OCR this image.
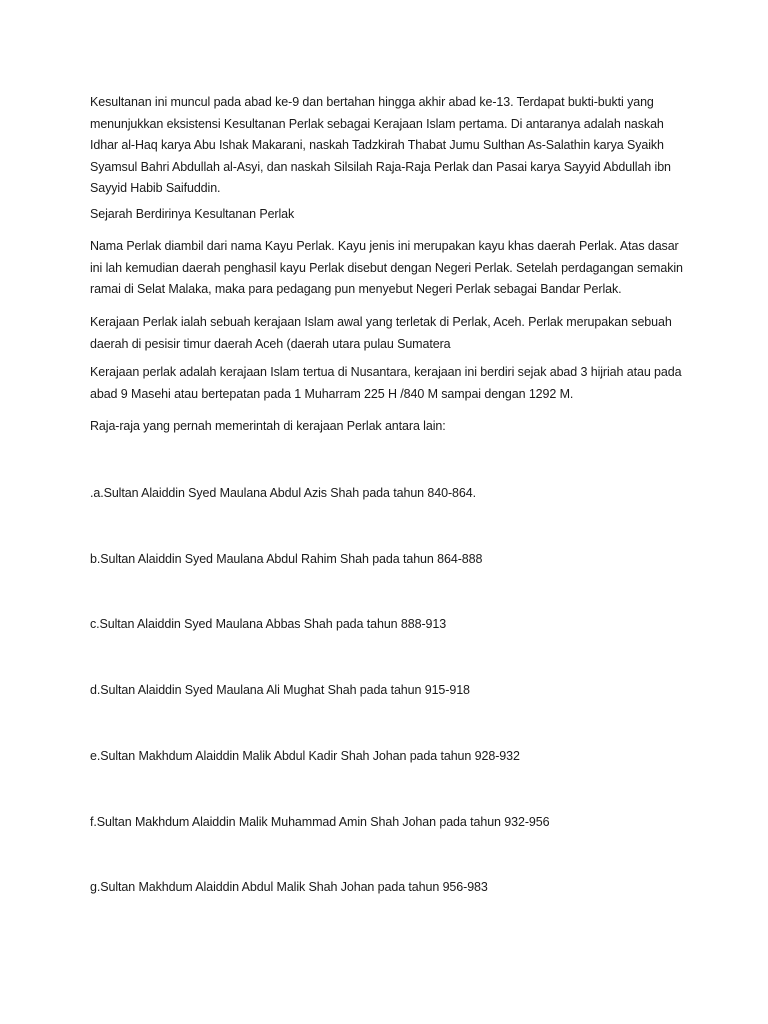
Kesultanan ini muncul pada abad ke-9 dan bertahan hingga akhir abad ke-13. Terdapat bukti-bukti yang menunjukkan eksistensi Kesultanan Perlak sebagai Kerajaan Islam pertama. Di antaranya adalah naskah Idhar al-Haq karya Abu Ishak Makarani, naskah Tadzkirah Thabat Jumu Sulthan As-Salathin karya Syaikh Syamsul Bahri Abdullah al-Asyi, dan naskah Silsilah Raja-Raja Perlak dan Pasai karya Sayyid Abdullah ibn Sayyid Habib Saifuddin.

Sejarah Berdirinya Kesultanan Perlak

Nama Perlak diambil dari nama Kayu Perlak. Kayu jenis ini merupakan kayu khas daerah Perlak. Atas dasar ini lah kemudian daerah penghasil kayu Perlak disebut dengan Negeri Perlak. Setelah perdagangan semakin ramai di Selat Malaka, maka para pedagang pun menyebut Negeri Perlak sebagai Bandar Perlak.

Kerajaan Perlak ialah sebuah kerajaan Islam awal yang terletak di Perlak, Aceh. Perlak merupakan sebuah daerah di pesisir timur daerah Aceh (daerah utara pulau Sumatera

Kerajaan perlak adalah kerajaan Islam tertua di Nusantara, kerajaan ini berdiri sejak abad 3 hijriah atau pada abad 9 Masehi atau bertepatan pada 1 Muharram 225 H /840 M sampai dengan 1292 M.

Raja-raja yang pernah memerintah di kerajaan Perlak antara lain:

.a.Sultan Alaiddin Syed Maulana Abdul Azis Shah pada tahun 840-864.

b.Sultan Alaiddin Syed Maulana Abdul Rahim Shah pada tahun 864-888

c.Sultan Alaiddin Syed Maulana Abbas Shah pada tahun 888-913

d.Sultan Alaiddin Syed Maulana Ali Mughat Shah pada tahun 915-918

e.Sultan Makhdum Alaiddin Malik Abdul Kadir Shah Johan pada tahun 928-932

f.Sultan Makhdum Alaiddin Malik Muhammad Amin Shah Johan pada tahun 932-956

g.Sultan Makhdum Alaiddin Abdul Malik Shah Johan pada tahun 956-983
